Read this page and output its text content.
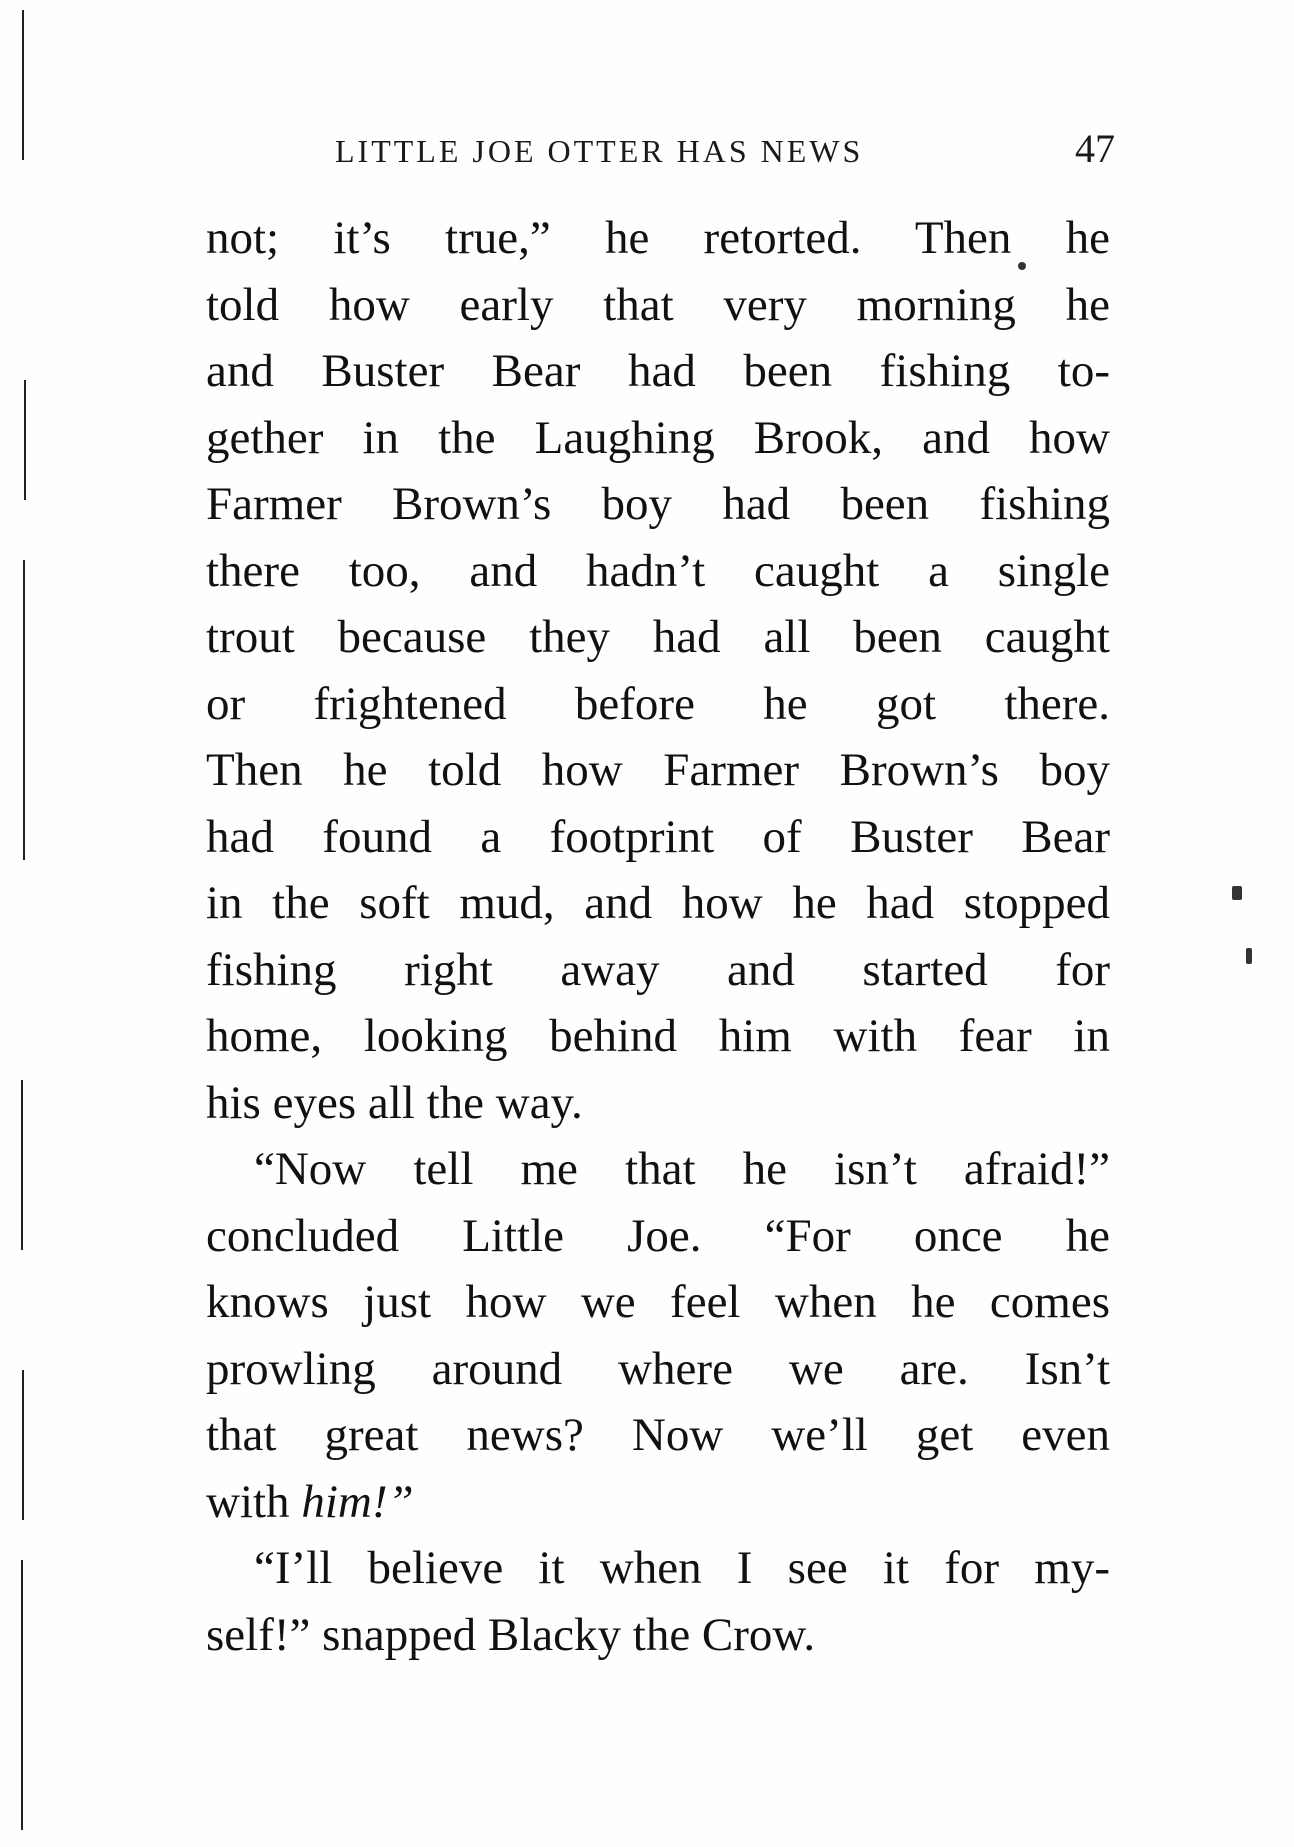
LITTLE JOE OTTER HAS NEWS	47
not; it’s true,” he retorted. Then he
told how early that very morning he
and Buster Bear had been fishing to-
gether in the Laughing Brook, and how
Farmer Brown’s boy had been fishing
there too, and hadn’t caught a single
trout because they had all been caught
or frightened before he got there.
Then he told how Farmer Brown’s boy
had found a footprint of Buster Bear
in the soft mud, and how he had stopped
fishing right away and started for
home, looking behind him with fear in
his eyes all the way.
“Now tell me that he isn’t afraid!”
concluded Little Joe. “For once he
knows just how we feel when he comes
prowling around where we are. Isn’t
that great news? Now we’ll get even
with him!”
“I’ll believe it when I see it for my-
self!” snapped Blacky the Crow.
